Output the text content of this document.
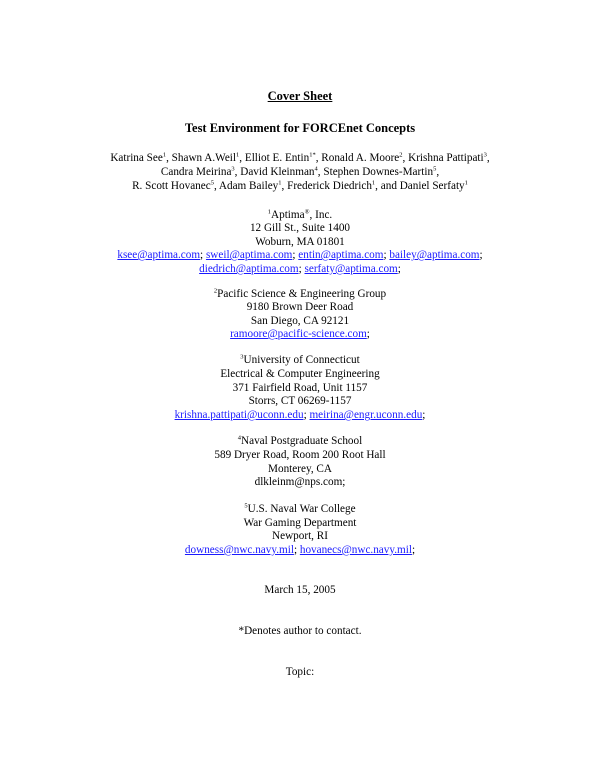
Cover Sheet
Test Environment for FORCEnet Concepts
Katrina See$^1$, Shawn A.Weil$^1$, Elliot E. Entin$^{1*}$, Ronald A. Moore$^2$, Krishna Pattipati$^3$,
Candra Meirina$^3$, David Kleinman$^4$, Stephen Downes-Martin$^5$,
R. Scott Hovanec$^5$, Adam Bailey$^1$, Frederick Diedrich$^1$, and Daniel Serfaty$^1$
$^1$Aptima®, Inc.
12 Gill St., Suite 1400
Woburn, MA 01801
ksee@aptima.com; sweil@aptima.com; entin@aptima.com; bailey@aptima.com;
diedrich@aptima.com; serfaty@aptima.com;
$^2$Pacific Science & Engineering Group
9180 Brown Deer Road
San Diego, CA 92121
ramoore@pacific-science.com;
$^3$University of Connecticut
Electrical & Computer Engineering
371 Fairfield Road, Unit 1157
Storrs, CT 06269-1157
krishna.pattipati@uconn.edu; meirina@engr.uconn.edu;
$^4$Naval Postgraduate School
589 Dryer Road, Room 200 Root Hall
Monterey, CA
dlkleinm@nps.com;
$^5$U.S. Naval War College
War Gaming Department
Newport, RI
downess@nwc.navy.mil; hovanecs@nwc.navy.mil;
March 15, 2005
*Denotes author to contact.
Topic:
